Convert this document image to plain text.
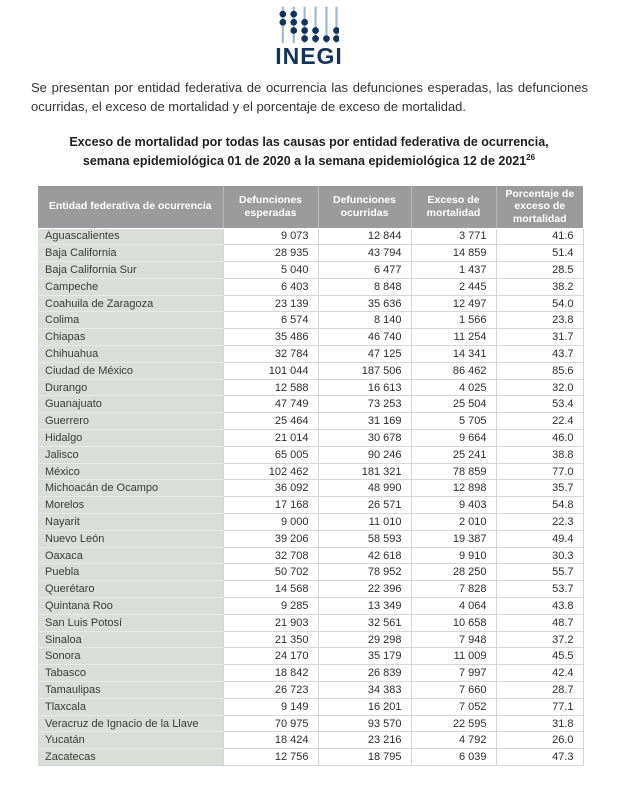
INEGI

Se presentan por entidad federativa de ocurrencia las defunciones esperadas, las defunciones ocurridas, el exceso de mortalidad y el porcentaje de exceso de mortalidad.

Exceso de mortalidad por todas las causas por entidad federativa de ocurrencia,
semana epidemiológica 01 de 2020 a la semana epidemiológica 12 de 2021$^{26}$
Entidad federativa de ocurrencia	Defunciones esperadas	Defunciones ocurridas	Exceso de mortalidad	Porcentaje de exceso de mortalidad
Aguascalientes	9 073	12 844	3 771	41.6
Baja California	28 935	43 794	14 859	51.4
Baja California Sur	5 040	6 477	1 437	28.5
Campeche	6 403	8 848	2 445	38.2
Coahuila de Zaragoza	23 139	35 636	12 497	54.0
Colima	6 574	8 140	1 566	23.8
Chiapas	35 486	46 740	11 254	31.7
Chihuahua	32 784	47 125	14 341	43.7
Ciudad de México	101 044	187 506	86 462	85.6
Durango	12 588	16 613	4 025	32.0
Guanajuato	47 749	73 253	25 504	53.4
Guerrero	25 464	31 169	5 705	22.4
Hidalgo	21 014	30 678	9 664	46.0
Jalisco	65 005	90 246	25 241	38.8
México	102 462	181 321	78 859	77.0
Michoacán de Ocampo	36 092	48 990	12 898	35.7
Morelos	17 168	26 571	9 403	54.8
Nayarit	9 000	11 010	2 010	22.3
Nuevo León	39 206	58 593	19 387	49.4
Oaxaca	32 708	42 618	9 910	30.3
Puebla	50 702	78 952	28 250	55.7
Querétaro	14 568	22 396	7 828	53.7
Quintana Roo	9 285	13 349	4 064	43.8
San Luis Potosí	21 903	32 561	10 658	48.7
Sinaloa	21 350	29 298	7 948	37.2
Sonora	24 170	35 179	11 009	45.5
Tabasco	18 842	26 839	7 997	42.4
Tamaulipas	26 723	34 383	7 660	28.7
Tlaxcala	9 149	16 201	7 052	77.1
Veracruz de Ignacio de la Llave	70 975	93 570	22 595	31.8
Yucatán	18 424	23 216	4 792	26.0
Zacatecas	12 756	18 795	6 039	47.3
